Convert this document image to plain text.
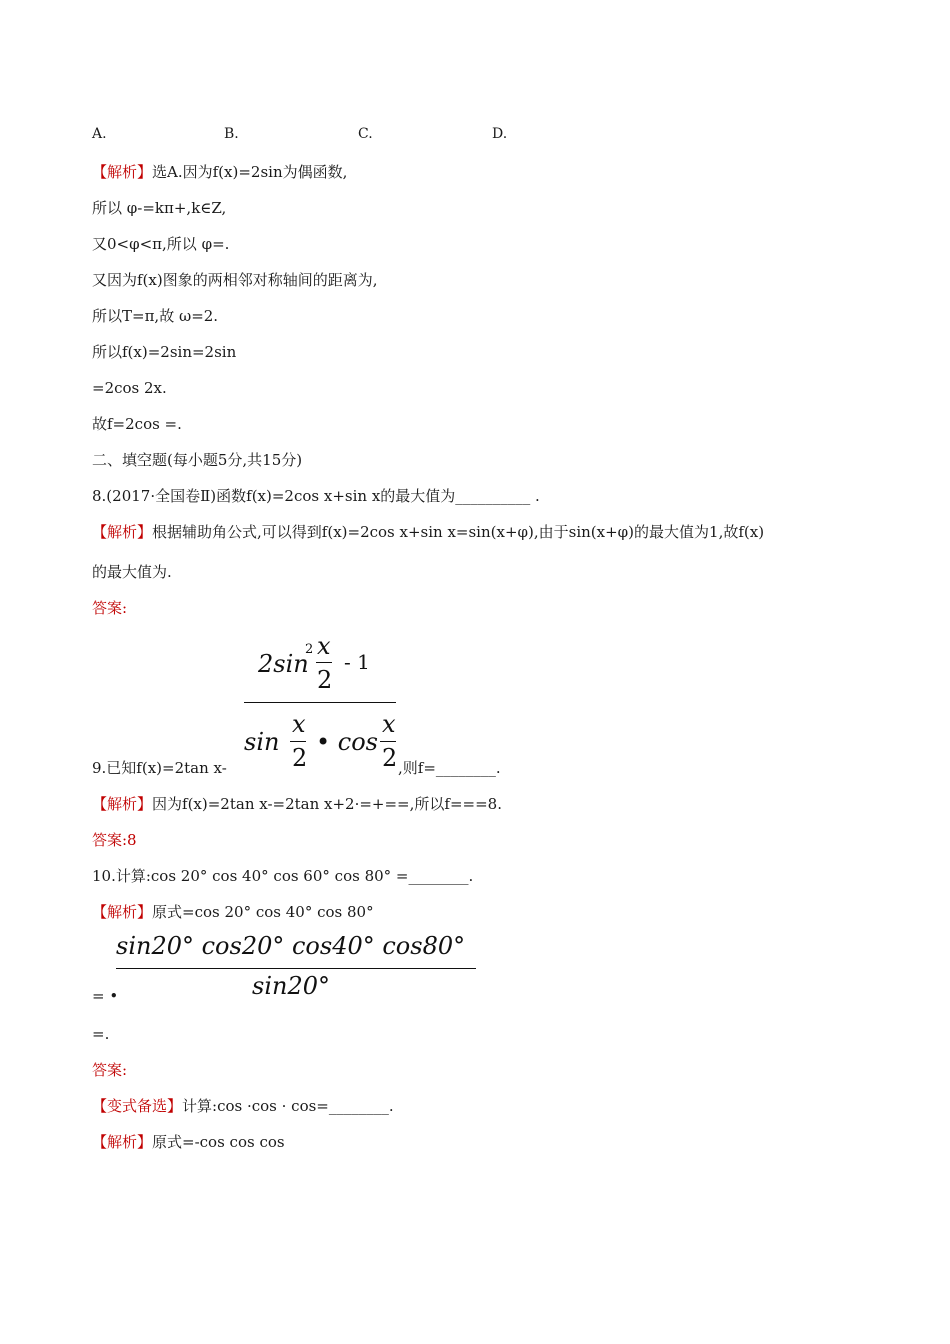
A.	B.	C.	D.
【解析】选A.因为f(x)=2sin为偶函数,
所以 φ-=kπ+,k∈Z,
又0<φ<π,所以 φ=.
又因为f(x)图象的两相邻对称轴间的距离为,
所以T=π,故 ω=2.
所以f(x)=2sin=2sin
=2cos 2x.
故f=2cos =.
二、填空题(每小题5分,共15分)
8.(2017·全国卷Ⅱ)函数f(x)=2cos x+sin x的最大值为__________ .
【解析】根据辅助角公式,可以得到f(x)=2cos x+sin x=sin(x+φ),由于sin(x+φ)的最大值为1,故f(x)
的最大值为.
答案:
2sin
2 x
2
- 1
sin
x
2
• cos
x
2
9.已知f(x)=2tan x-	,则f=________.
【解析】因为f(x)=2tan x-=2tan x+2·=+==,所以f===8.
答案:8
10.计算:cos 20° cos 40° cos 60° cos 80° =________.
【解析】原式=cos 20° cos 40° cos 80°
sin20° cos20° cos40° cos80°
sin20°
= •
=.
答案:
【变式备选】计算:cos ·cos · cos=________.
【解析】原式=-cos cos cos
